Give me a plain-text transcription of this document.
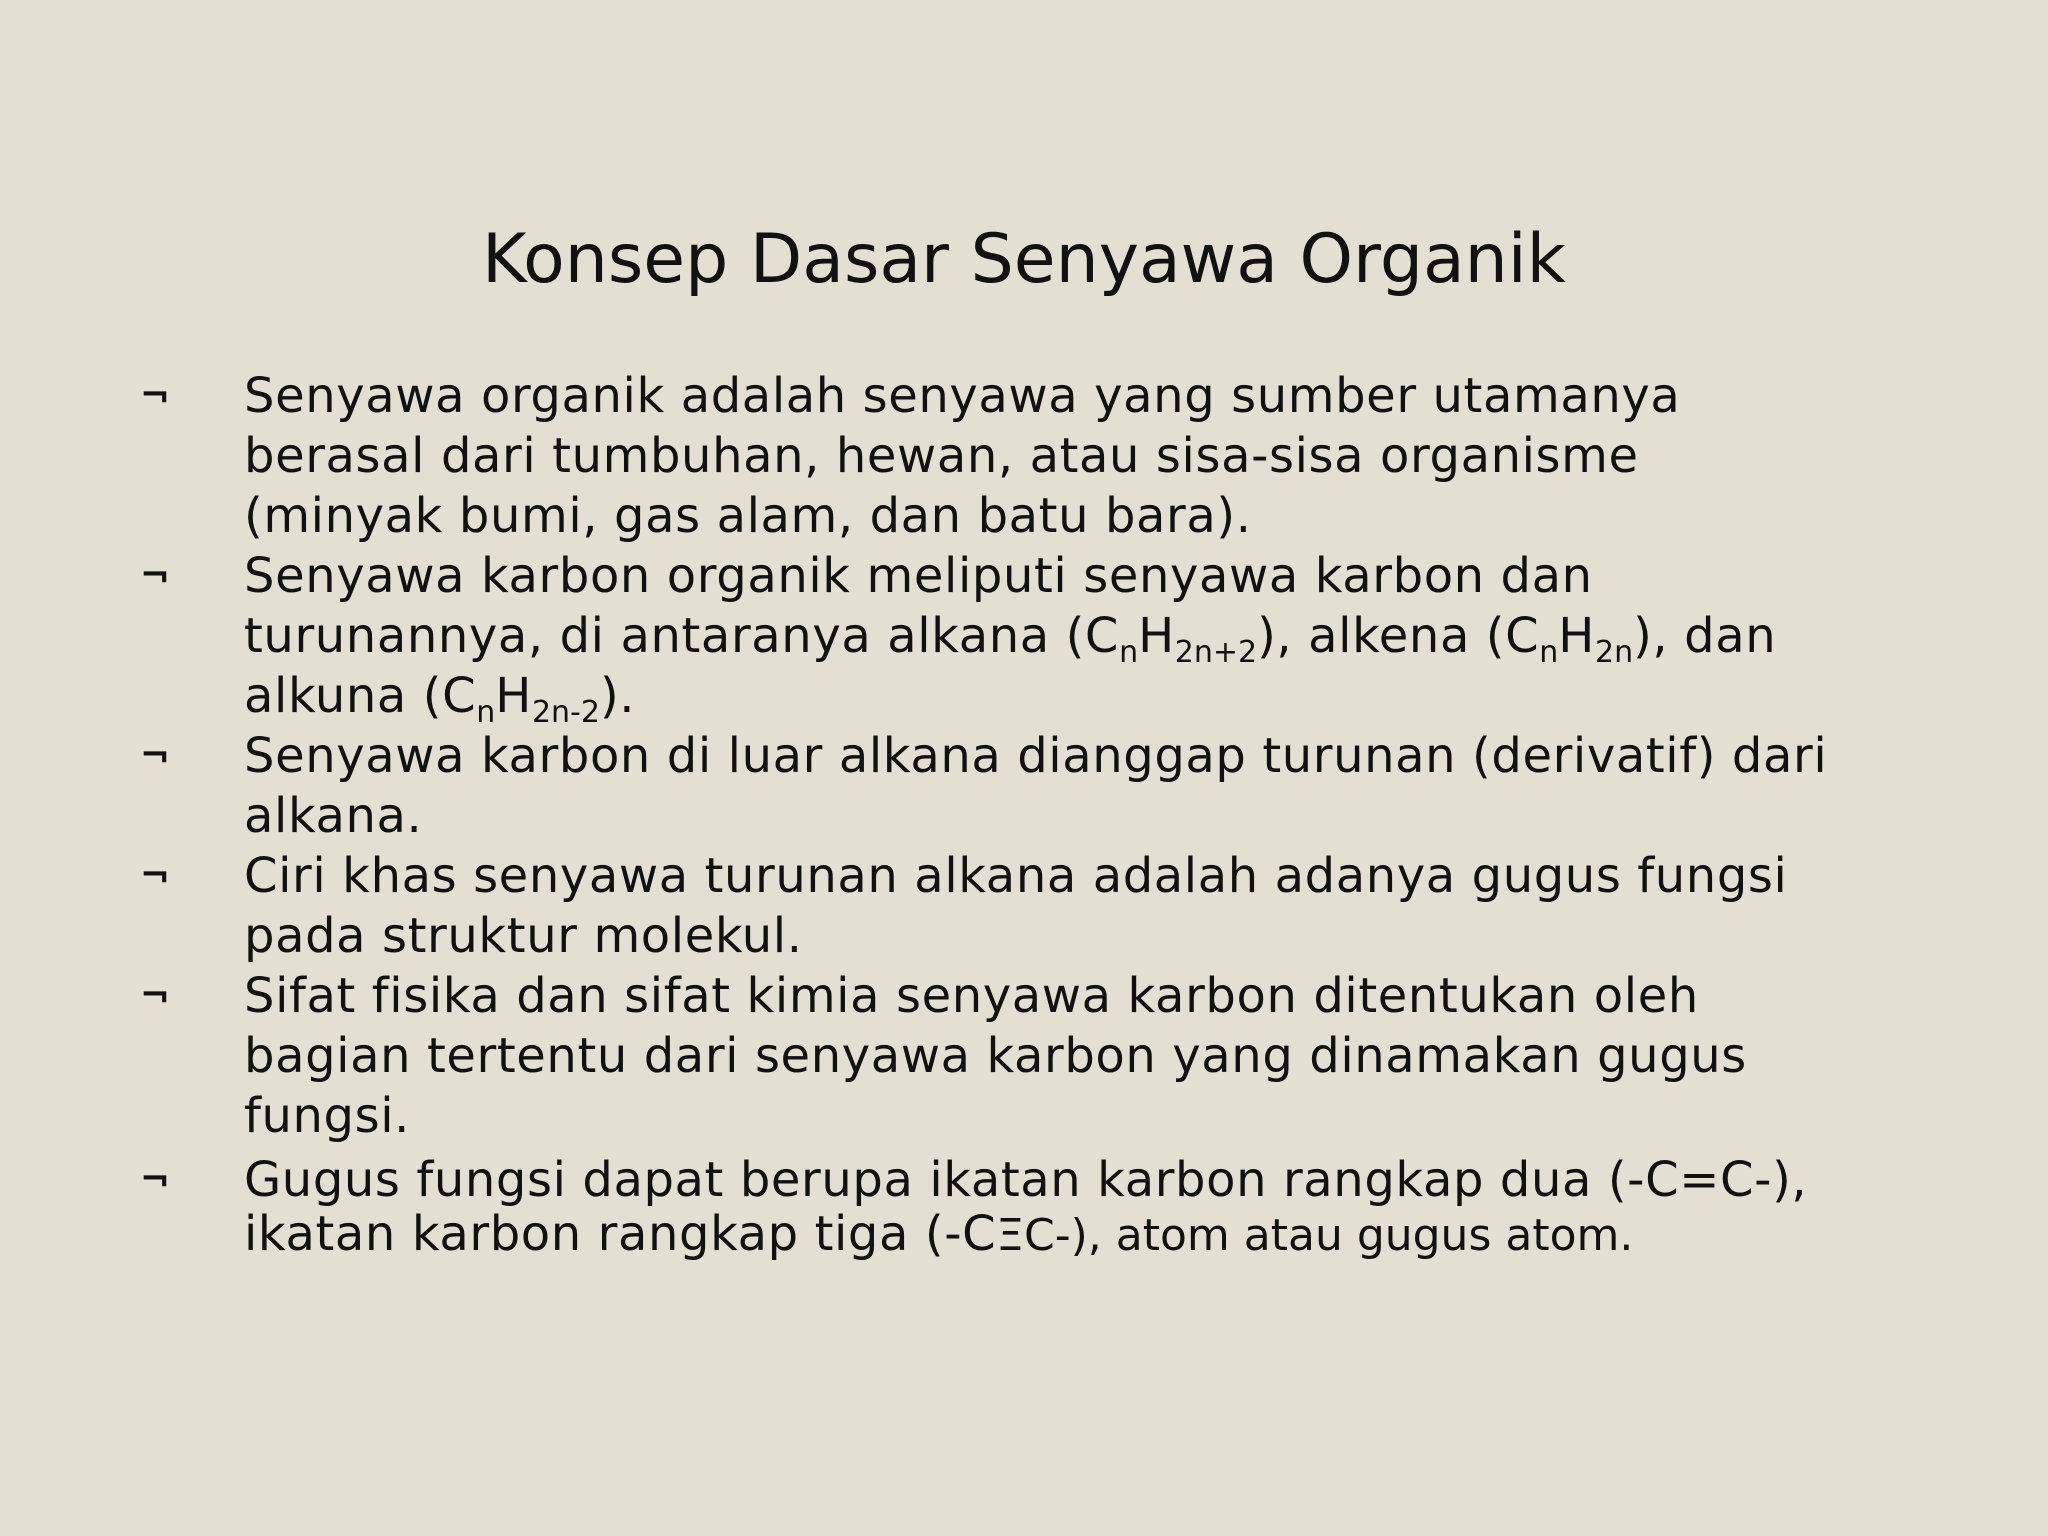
Konsep Dasar Senyawa Organik
¬ Senyawa organik adalah senyawa yang sumber utamanya
berasal dari tumbuhan, hewan, atau sisa-sisa organisme
(minyak bumi, gas alam, dan batu bara).
¬ Senyawa karbon organik meliputi senyawa karbon dan
turunannya, di antaranya alkana $(C_nH_{2n+2})$, alkena $(C_nH_{2n})$, dan
alkuna $(C_nH_{2n-2})$.
¬ Senyawa karbon di luar alkana dianggap turunan (derivatif) dari
alkana.
¬ Ciri khas senyawa turunan alkana adalah adanya gugus fungsi
pada struktur molekul.
¬ Sifat fisika dan sifat kimia senyawa karbon ditentukan oleh
bagian tertentu dari senyawa karbon yang dinamakan gugus
fungsi.
¬ Gugus fungsi dapat berupa ikatan karbon rangkap dua (-C=C-),
ikatan karbon rangkap tiga (-CΞC-), atom atau gugus atom.
